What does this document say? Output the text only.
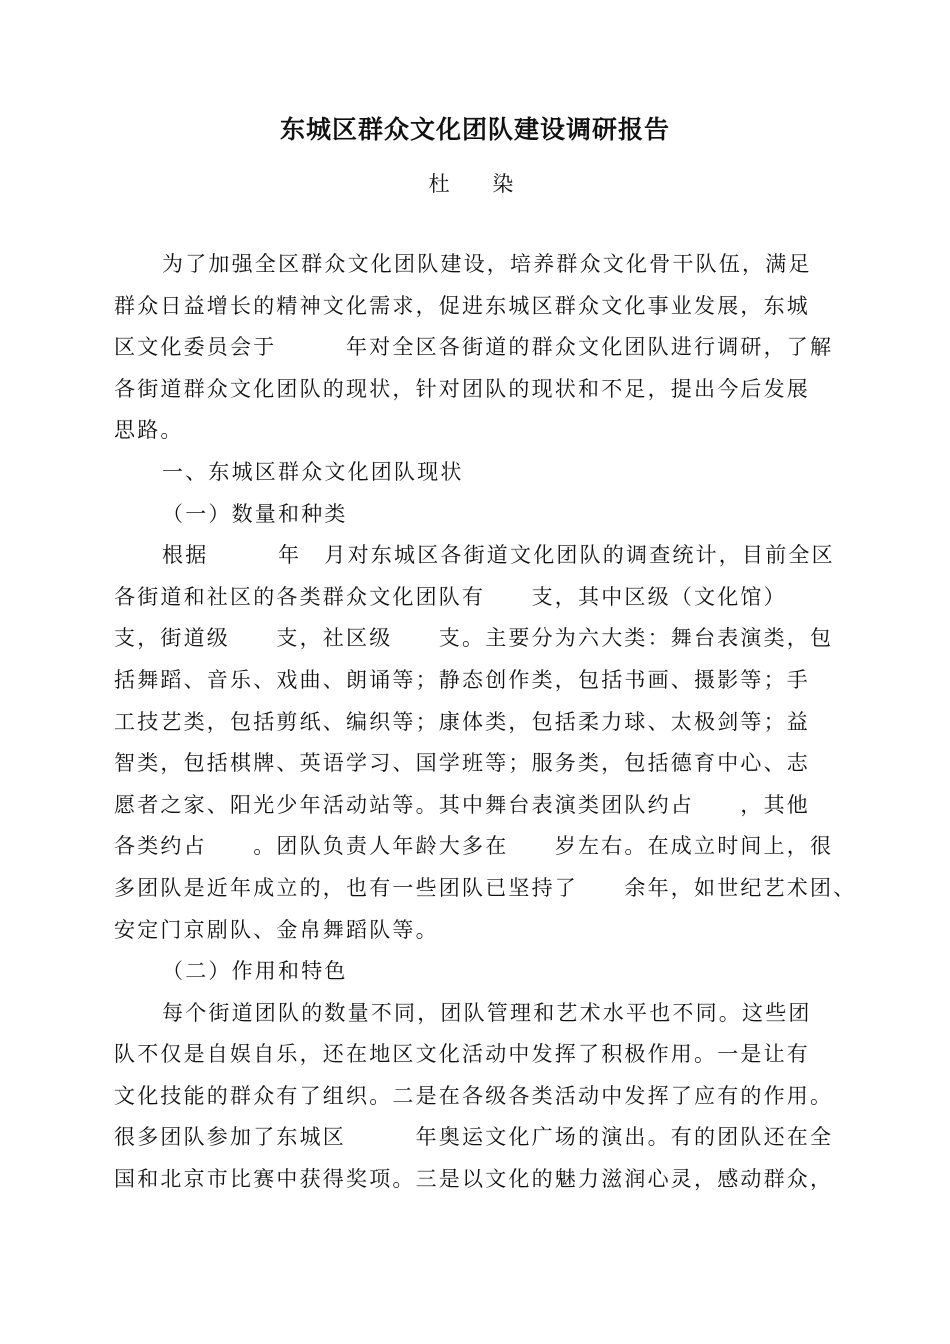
东城区群众文化团队建设调研报告
杜 染
为了加强全区群众文化团队建设，培养群众文化骨干队伍，满足
群众日益增长的精神文化需求，促进东城区群众文化事业发展，东城
区文化委员会于　　　年对全区各街道的群众文化团队进行调研，了解
各街道群众文化团队的现状，针对团队的现状和不足，提出今后发展
思路。
一、东城区群众文化团队现状
（一）数量和种类
根据　　　年　月对东城区各街道文化团队的调查统计，目前全区
各街道和社区的各类群众文化团队有　　支，其中区级（文化馆）
支，街道级　　支，社区级　　支。主要分为六大类：舞台表演类，包
括舞蹈、音乐、戏曲、朗诵等；静态创作类，包括书画、摄影等；手
工技艺类，包括剪纸、编织等；康体类，包括柔力球、太极剑等；益
智类，包括棋牌、英语学习、国学班等；服务类，包括德育中心、志
愿者之家、阳光少年活动站等。其中舞台表演类团队约占　　，其他
各类约占　　。团队负责人年龄大多在　　岁左右。在成立时间上，很
多团队是近年成立的，也有一些团队已坚持了　　余年，如世纪艺术团、
安定门京剧队、金帛舞蹈队等。
（二）作用和特色
每个街道团队的数量不同，团队管理和艺术水平也不同。这些团
队不仅是自娱自乐，还在地区文化活动中发挥了积极作用。一是让有
文化技能的群众有了组织。二是在各级各类活动中发挥了应有的作用。
很多团队参加了东城区　　　年奥运文化广场的演出。有的团队还在全
国和北京市比赛中获得奖项。三是以文化的魅力滋润心灵，感动群众，
